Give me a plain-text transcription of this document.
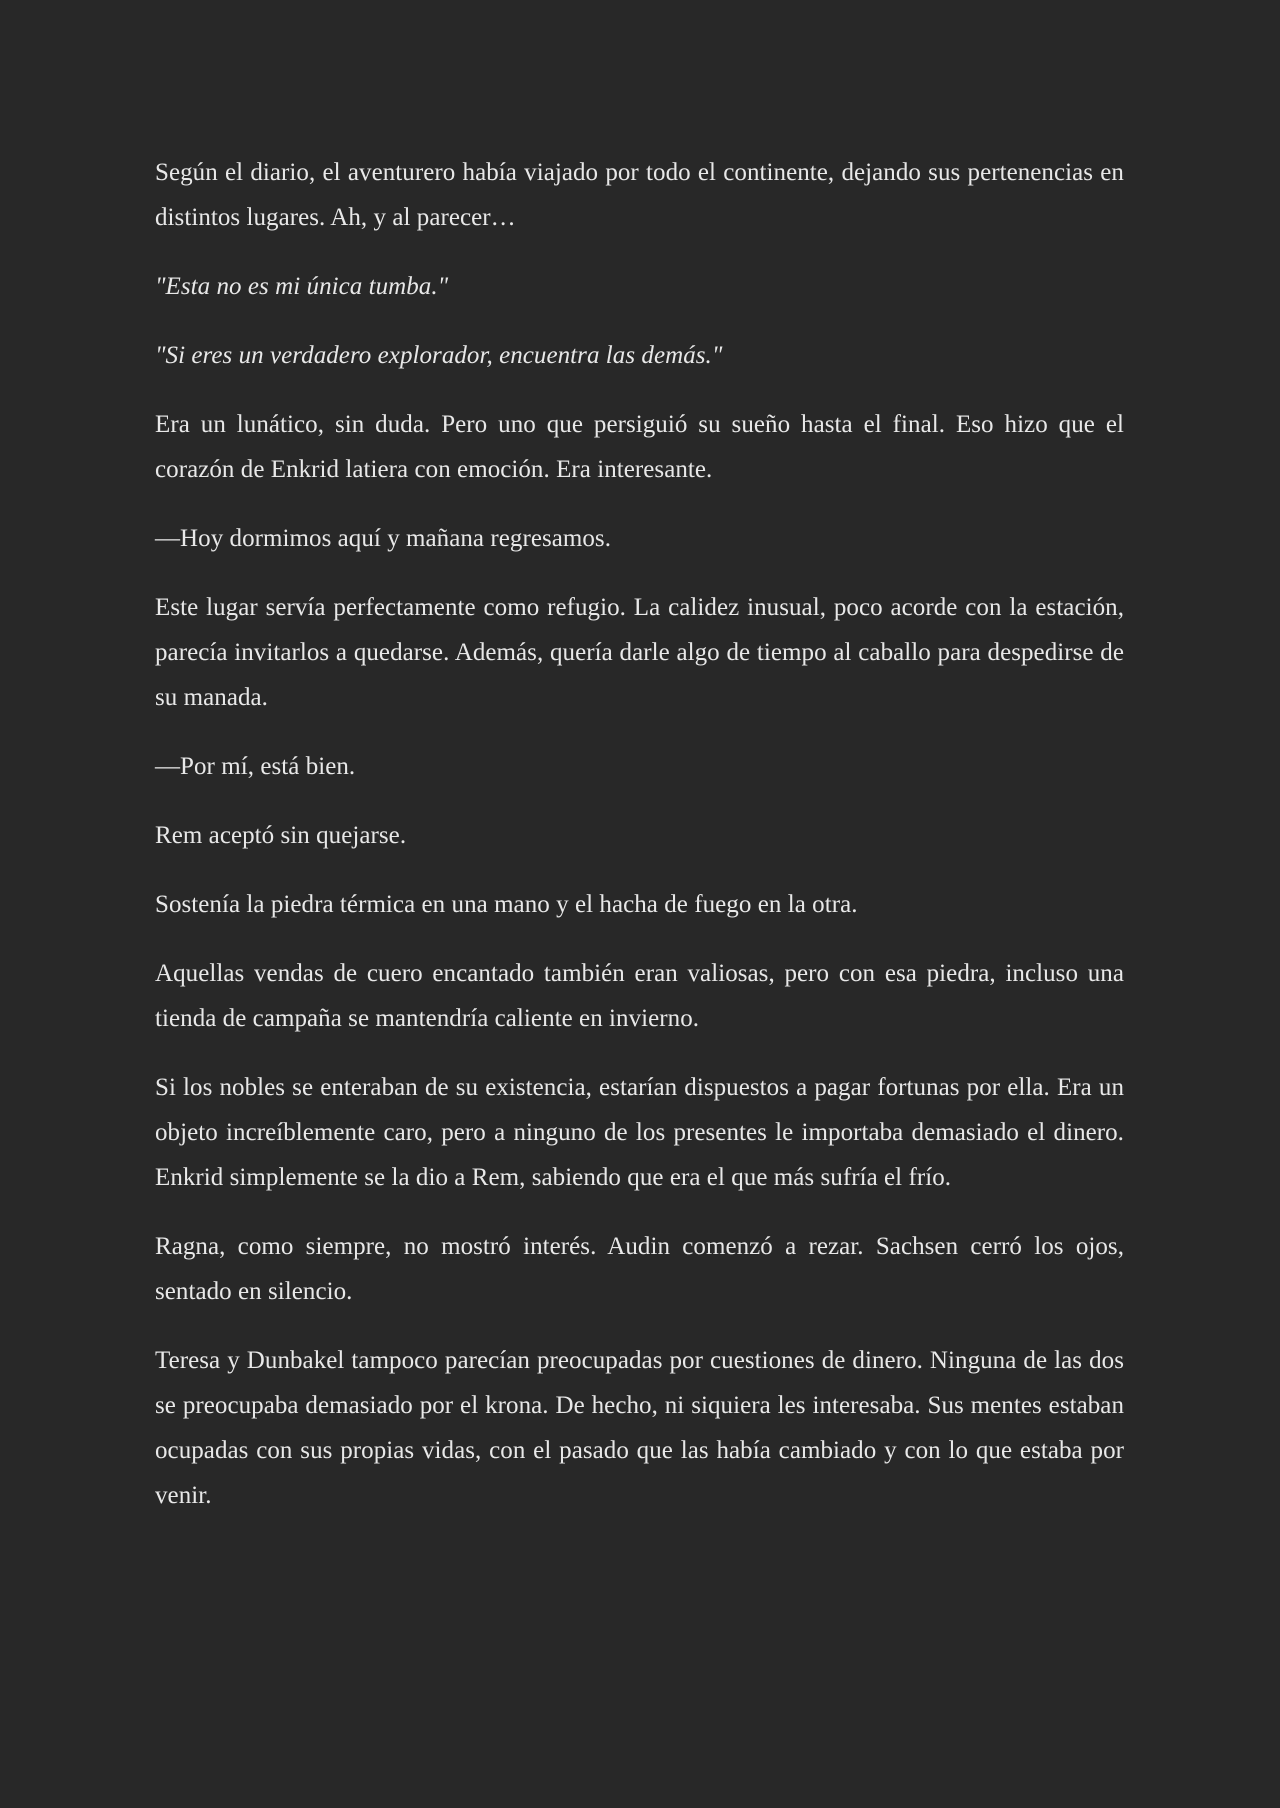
Según el diario, el aventurero había viajado por todo el continente, dejando sus pertenencias en distintos lugares. Ah, y al parecer…

"Esta no es mi única tumba."

"Si eres un verdadero explorador, encuentra las demás."

Era un lunático, sin duda. Pero uno que persiguió su sueño hasta el final. Eso hizo que el corazón de Enkrid latiera con emoción. Era interesante.

—Hoy dormimos aquí y mañana regresamos.

Este lugar servía perfectamente como refugio. La calidez inusual, poco acorde con la estación, parecía invitarlos a quedarse. Además, quería darle algo de tiempo al caballo para despedirse de su manada.

—Por mí, está bien.

Rem aceptó sin quejarse.

Sostenía la piedra térmica en una mano y el hacha de fuego en la otra.

Aquellas vendas de cuero encantado también eran valiosas, pero con esa piedra, incluso una tienda de campaña se mantendría caliente en invierno.

Si los nobles se enteraban de su existencia, estarían dispuestos a pagar fortunas por ella. Era un objeto increíblemente caro, pero a ninguno de los presentes le importaba demasiado el dinero. Enkrid simplemente se la dio a Rem, sabiendo que era el que más sufría el frío.

Ragna, como siempre, no mostró interés. Audin comenzó a rezar. Sachsen cerró los ojos, sentado en silencio.

Teresa y Dunbakel tampoco parecían preocupadas por cuestiones de dinero. Ninguna de las dos se preocupaba demasiado por el krona. De hecho, ni siquiera les interesaba. Sus mentes estaban ocupadas con sus propias vidas, con el pasado que las había cambiado y con lo que estaba por venir.
